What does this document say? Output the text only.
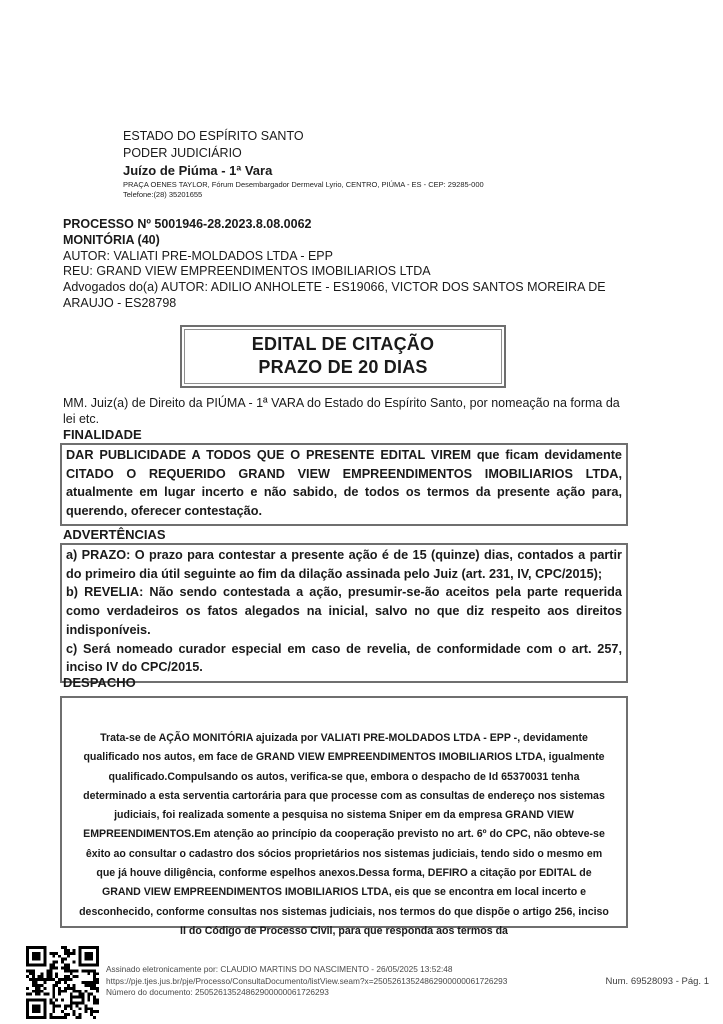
ESTADO DO ESPÍRITO SANTO
PODER JUDICIÁRIO
Juízo de Piúma - 1ª Vara
PRAÇA OENES TAYLOR, Fórum Desembargador Dermeval Lyrio, CENTRO, PIÚMA - ES - CEP: 29285-000
Telefone:(28) 35201655
PROCESSO Nº 5001946-28.2023.8.08.0062
MONITÓRIA (40)
AUTOR: VALIATI PRE-MOLDADOS LTDA - EPP
REU: GRAND VIEW EMPREENDIMENTOS IMOBILIARIOS LTDA
Advogados do(a) AUTOR: ADILIO ANHOLETE - ES19066, VICTOR DOS SANTOS MOREIRA DE ARAUJO - ES28798
EDITAL DE CITAÇÃO
PRAZO DE 20 DIAS
MM. Juiz(a) de Direito da PIÚMA - 1ª VARA do Estado do Espírito Santo, por nomeação na forma da lei etc.
FINALIDADE
DAR PUBLICIDADE A TODOS QUE O PRESENTE EDITAL VIREM que ficam devidamente CITADO O REQUERIDO GRAND VIEW EMPREENDIMENTOS IMOBILIARIOS LTDA, atualmente em lugar incerto e não sabido, de todos os termos da presente ação para, querendo, oferecer contestação.
ADVERTÊNCIAS
a) PRAZO: O prazo para contestar a presente ação é de 15 (quinze) dias, contados a partir do primeiro dia útil seguinte ao fim da dilação assinada pelo Juiz (art. 231, IV, CPC/2015);
b) REVELIA: Não sendo contestada a ação, presumir-se-ão aceitos pela parte requerida como verdadeiros os fatos alegados na inicial, salvo no que diz respeito aos direitos indisponíveis.
c) Será nomeado curador especial em caso de revelia, de conformidade com o art. 257, inciso IV do CPC/2015.
DESPACHO
Trata-se de AÇÃO MONITÓRIA ajuizada por VALIATI PRE-MOLDADOS LTDA - EPP -, devidamente qualificado nos autos, em face de GRAND VIEW EMPREENDIMENTOS IMOBILIARIOS LTDA, igualmente qualificado.Compulsando os autos, verifica-se que, embora o despacho de Id 65370031 tenha determinado a esta serventia cartorária para que processe com as consultas de endereço nos sistemas judiciais, foi realizada somente a pesquisa no sistema Sniper em da empresa GRAND VIEW EMPREENDIMENTOS.Em atenção ao princípio da cooperação previsto no art. 6º do CPC, não obteve-se êxito ao consultar o cadastro dos sócios proprietários nos sistemas judiciais, tendo sido o mesmo em que já houve diligência, conforme espelhos anexos.Dessa forma, DEFIRO a citação por EDITAL de GRAND VIEW EMPREENDIMENTOS IMOBILIARIOS LTDA, eis que se encontra em local incerto e desconhecido, conforme consultas nos sistemas judiciais, nos termos do que dispõe o artigo 256, inciso II do Código de Processo Civil, para que responda aos termos da
Assinado eletronicamente por: CLAUDIO MARTINS DO NASCIMENTO - 26/05/2025 13:52:48
https://pje.tjes.jus.br/pje/Processo/ConsultaDocumento/listView.seam?x=25052613524862900000061726293
Número do documento: 25052613524862900000061726293
Num. 69528093 - Pág. 1
